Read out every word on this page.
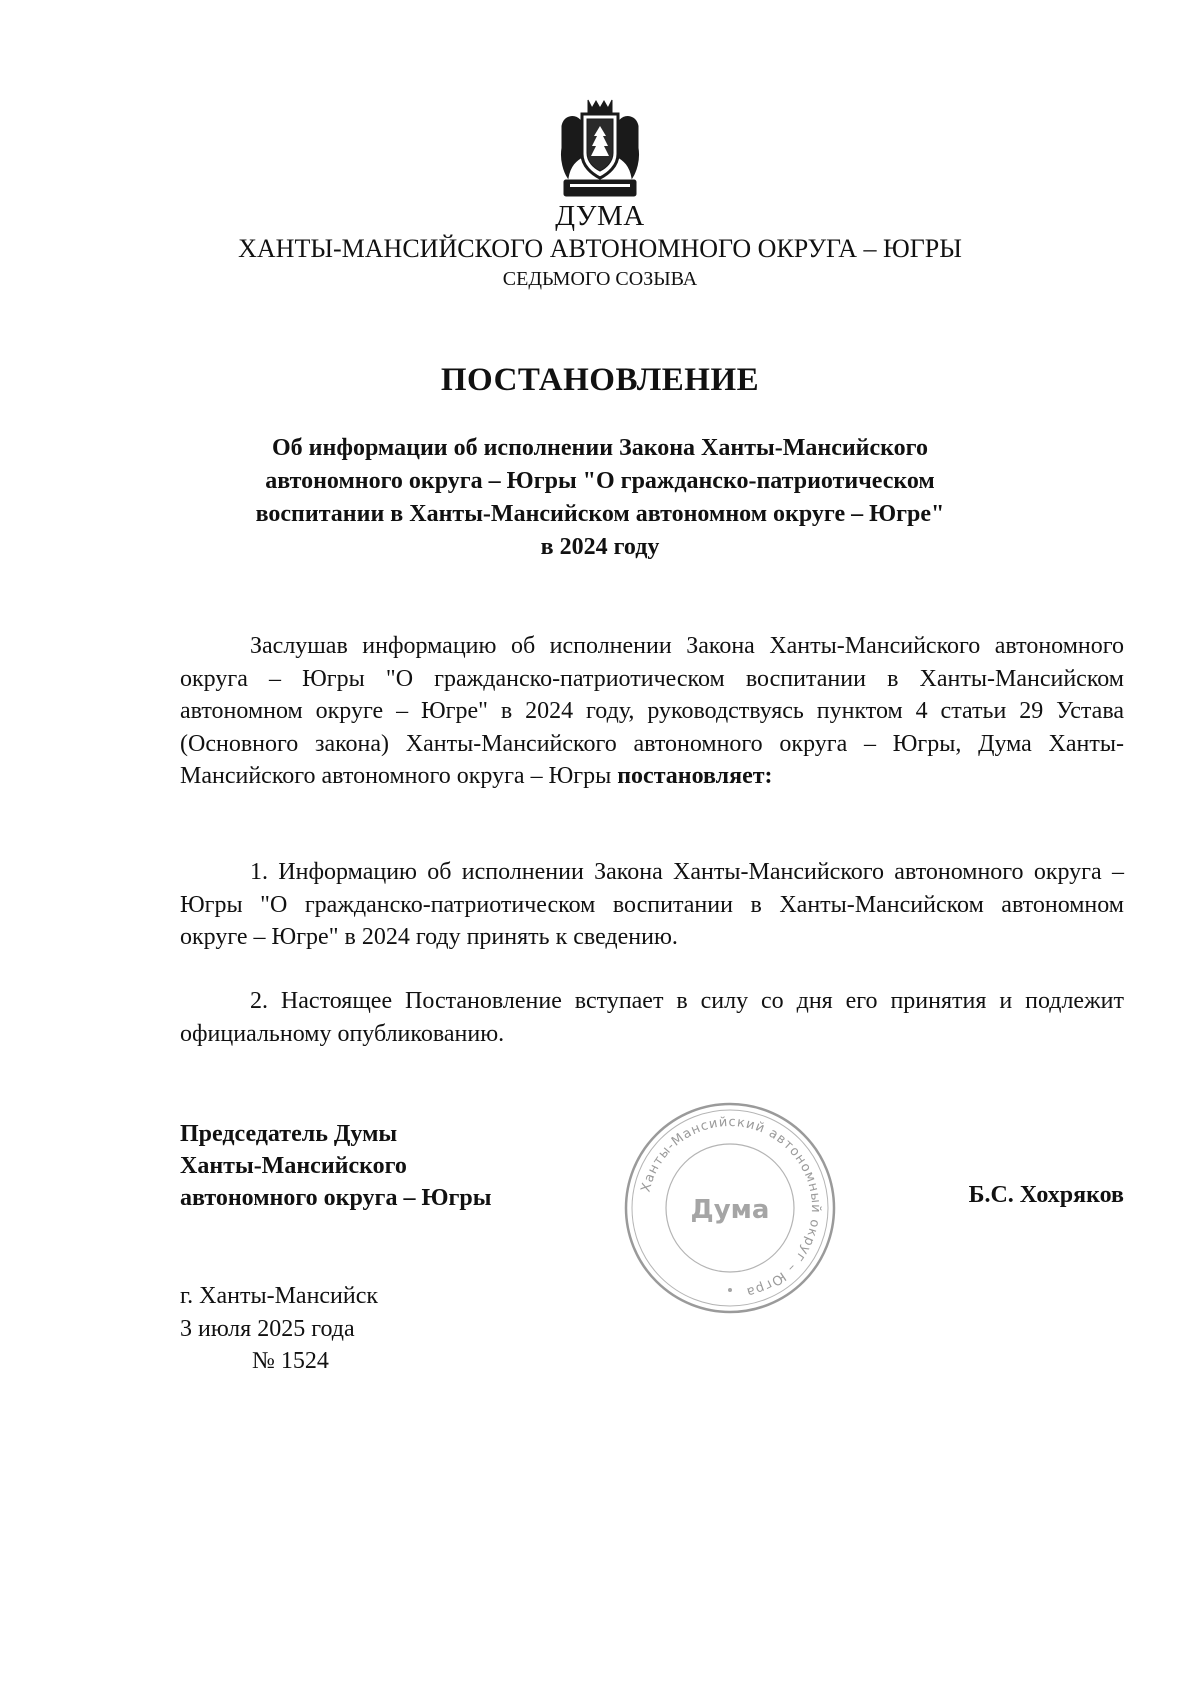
ДУМА
ХАНТЫ-МАНСИЙСКОГО АВТОНОМНОГО ОКРУГА – ЮГРЫ
СЕДЬМОГО СОЗЫВА
ПОСТАНОВЛЕНИЕ
Об информации об исполнении Закона Ханты-Мансийского
автономного округа – Югры "О гражданско-патриотическом
воспитании в Ханты-Мансийском автономном округе – Югре"
в 2024 году
Заслушав информацию об исполнении Закона Ханты-Мансийского автономного округа – Югры "О гражданско-патриотическом воспитании в Ханты-Мансийском автономном округе – Югре" в 2024 году, руководствуясь пунктом 4 статьи 29 Устава (Основного закона) Ханты-Мансийского автономного округа – Югры, Дума Ханты-Мансийского автономного округа – Югры постановляет:
1. Информацию об исполнении Закона Ханты-Мансийского автономного округа – Югры "О гражданско-патриотическом воспитании в Ханты-Мансийском автономном округе – Югре" в 2024 году принять к сведению.
2. Настоящее Постановление вступает в силу со дня его принятия и подлежит официальному опубликованию.
Председатель Думы
Ханты-Мансийского
автономного округа – Югры	Ханты-Мансийский автономный округ – Югра
Дума	Б.С. Хохряков
г. Ханты-Мансийск
3 июля 2025 года
№ 1524
